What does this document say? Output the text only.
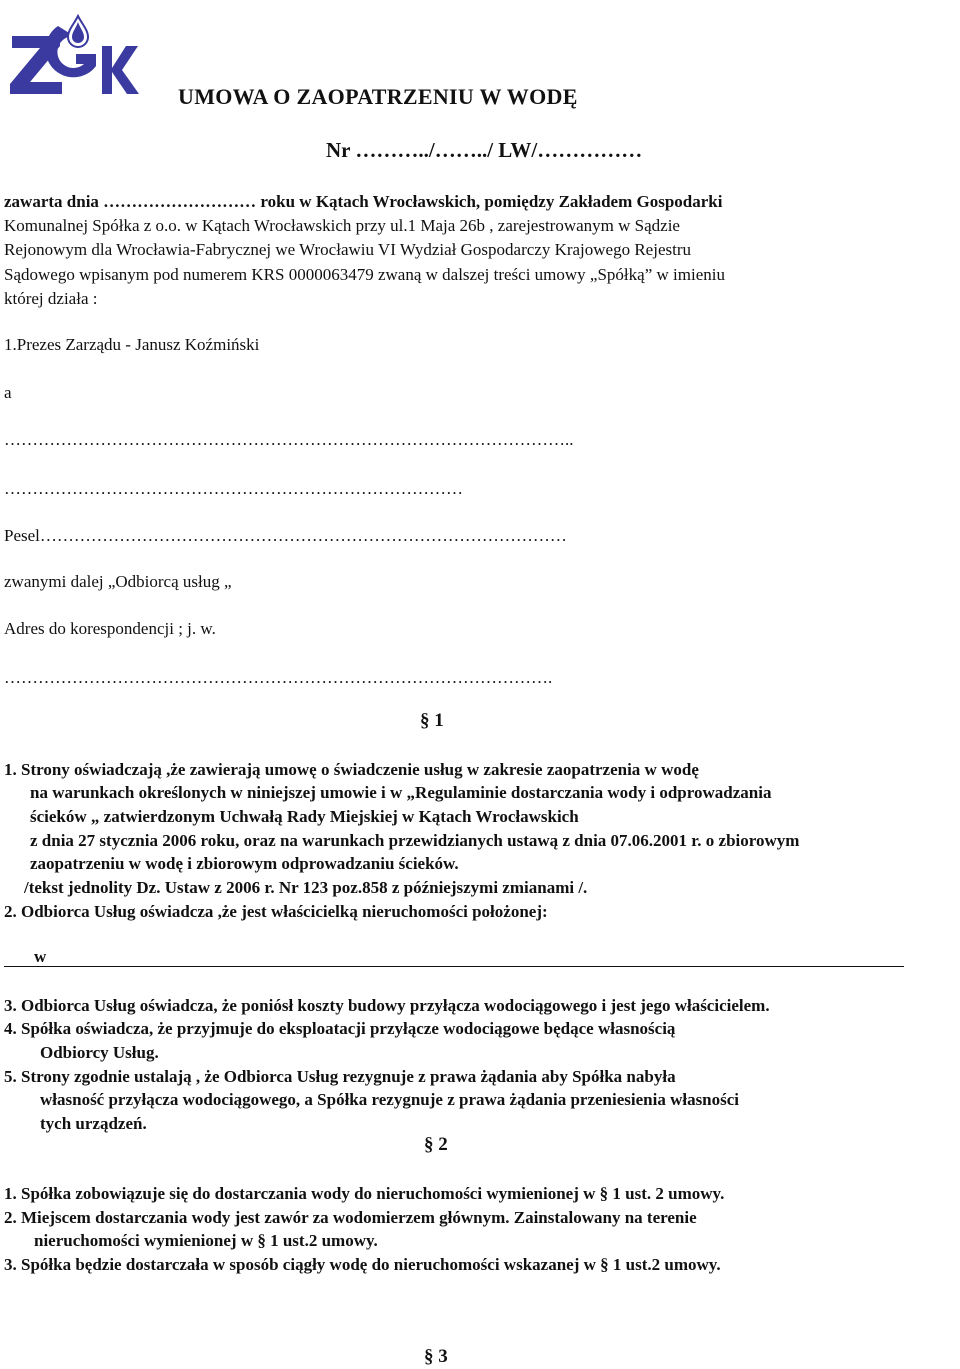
UMOWA O ZAOPATRZENIU W WODĘ
Nr ………../……../ LW/……………
zawarta dnia ……………………… roku w Kątach Wrocławskich, pomiędzy Zakładem Gospodarki
Komunalnej Spółka z o.o. w Kątach Wrocławskich przy ul.1 Maja 26b , zarejestrowanym w Sądzie
Rejonowym dla Wrocławia-Fabrycznej we Wrocławiu VI Wydział Gospodarczy Krajowego Rejestru
Sądowego wpisanym pod numerem KRS 0000063479 zwaną w dalszej treści umowy „Spółką” w imieniu
której działa :
1.Prezes Zarządu - Janusz Koźmiński
a
………………………………………………………………………………………..
………………………………………………………………………
Pesel…………………………………………………………………………………
zwanymi dalej „Odbiorcą usług „
Adres do korespondencji ; j. w.
…………………………………………………………………………………….
§ 1
1. Strony oświadczają ,że zawierają umowę o świadczenie usług w zakresie zaopatrzenia w wodę
na warunkach określonych w niniejszej umowie i w „Regulaminie dostarczania wody i odprowadzania
ścieków „ zatwierdzonym Uchwałą Rady Miejskiej w Kątach Wrocławskich
z dnia 27 stycznia 2006 roku, oraz na warunkach przewidzianych ustawą z dnia 07.06.2001 r. o zbiorowym
zaopatrzeniu w wodę i zbiorowym odprowadzaniu ścieków.
/tekst jednolity Dz. Ustaw z 2006 r. Nr 123 poz.858 z późniejszymi zmianami /.
2. Odbiorca Usług oświadcza ,że jest właścicielką nieruchomości położonej:
w
3. Odbiorca Usług oświadcza, że poniósł koszty budowy przyłącza wodociągowego i jest jego właścicielem.
4. Spółka oświadcza, że przyjmuje do eksploatacji przyłącze wodociągowe będące własnością
Odbiorcy Usług.
5. Strony zgodnie ustalają , że Odbiorca Usług rezygnuje z prawa żądania aby Spółka nabyła
własność przyłącza wodociągowego, a Spółka rezygnuje z prawa żądania przeniesienia własności
tych urządzeń.
§ 2
1. Spółka zobowiązuje się do dostarczania wody do nieruchomości wymienionej w § 1 ust. 2 umowy.
2. Miejscem dostarczania wody jest zawór za wodomierzem głównym. Zainstalowany na terenie
nieruchomości wymienionej w § 1 ust.2 umowy.
3. Spółka będzie dostarczała w sposób ciągły wodę do nieruchomości wskazanej w § 1 ust.2 umowy.
§ 3
